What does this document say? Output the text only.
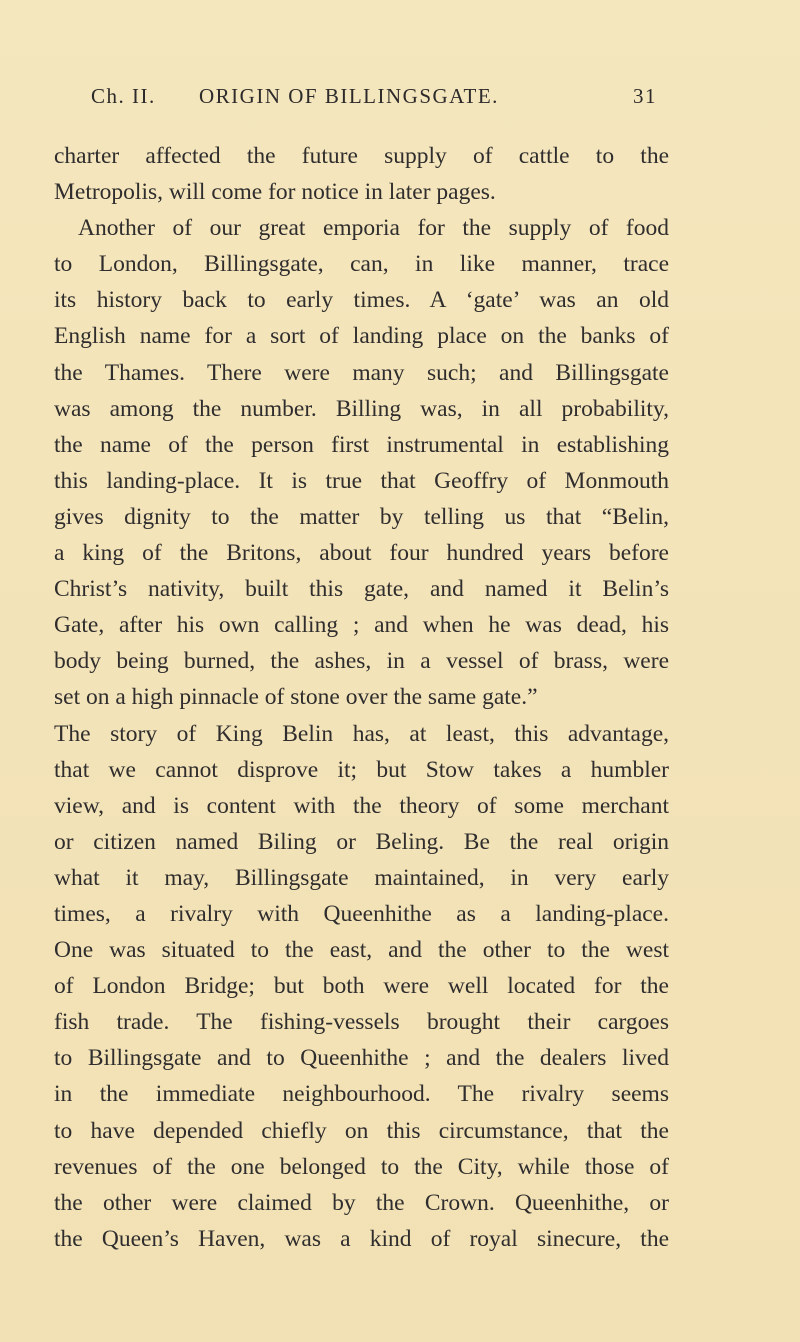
Ch. II. ORIGIN OF BILLINGSGATE.	31
charter affected the future supply of cattle to the
Metropolis, will come for notice in later pages.
Another of our great emporia for the supply of food
to London, Billingsgate, can, in like manner, trace
its history back to early times. A ‘gate’ was an old
English name for a sort of landing place on the banks of
the Thames. There were many such; and Billingsgate
was among the number. Billing was, in all probability,
the name of the person first instrumental in establishing
this landing-place. It is true that Geoffry of Monmouth
gives dignity to the matter by telling us that “Belin,
a king of the Britons, about four hundred years before
Christ’s nativity, built this gate, and named it Belin’s
Gate, after his own calling ; and when he was dead, his
body being burned, the ashes, in a vessel of brass, were
set on a high pinnacle of stone over the same gate.”
The story of King Belin has, at least, this advantage,
that we cannot disprove it; but Stow takes a humbler
view, and is content with the theory of some merchant
or citizen named Biling or Beling. Be the real origin
what it may, Billingsgate maintained, in very early
times, a rivalry with Queenhithe as a landing-place.
One was situated to the east, and the other to the west
of London Bridge; but both were well located for the
fish trade. The fishing-vessels brought their cargoes
to Billingsgate and to Queenhithe ; and the dealers lived
in the immediate neighbourhood. The rivalry seems
to have depended chiefly on this circumstance, that the
revenues of the one belonged to the City, while those of
the other were claimed by the Crown. Queenhithe, or
the Queen’s Haven, was a kind of royal sinecure, the
